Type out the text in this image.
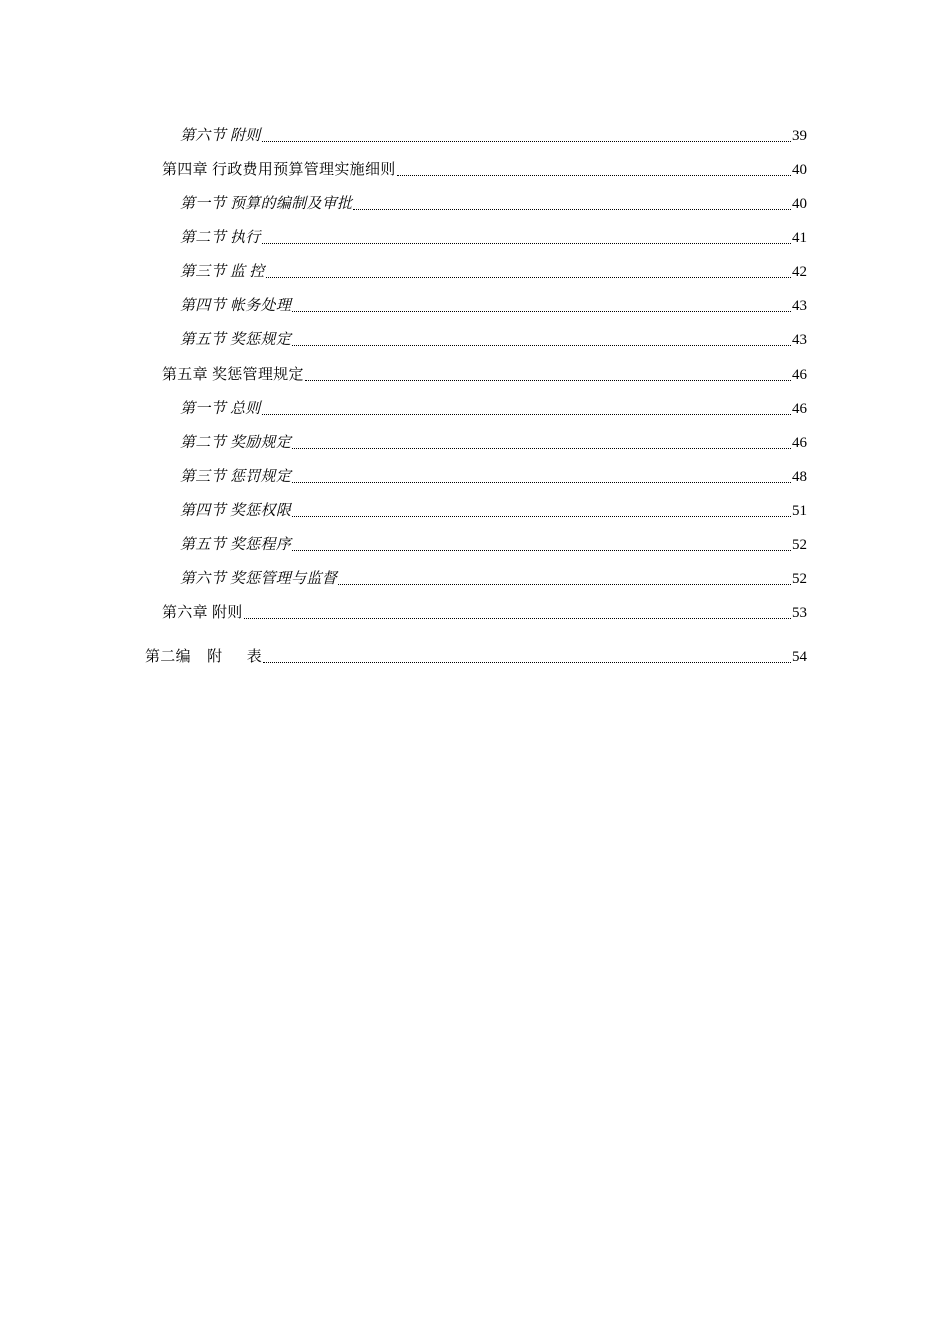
第六节 附则	39
第四章 行政费用预算管理实施细则	40
第一节 预算的编制及审批	40
第二节 执行	41
第三节 监 控	42
第四节 帐务处理	43
第五节 奖惩规定	43
第五章 奖惩管理规定	46
第一节 总则	46
第二节 奖励规定	46
第三节 惩罚规定	48
第四节 奖惩权限	51
第五节 奖惩程序	52
第六节 奖惩管理与监督	52
第六章 附则	53
第二编    附      表	54
